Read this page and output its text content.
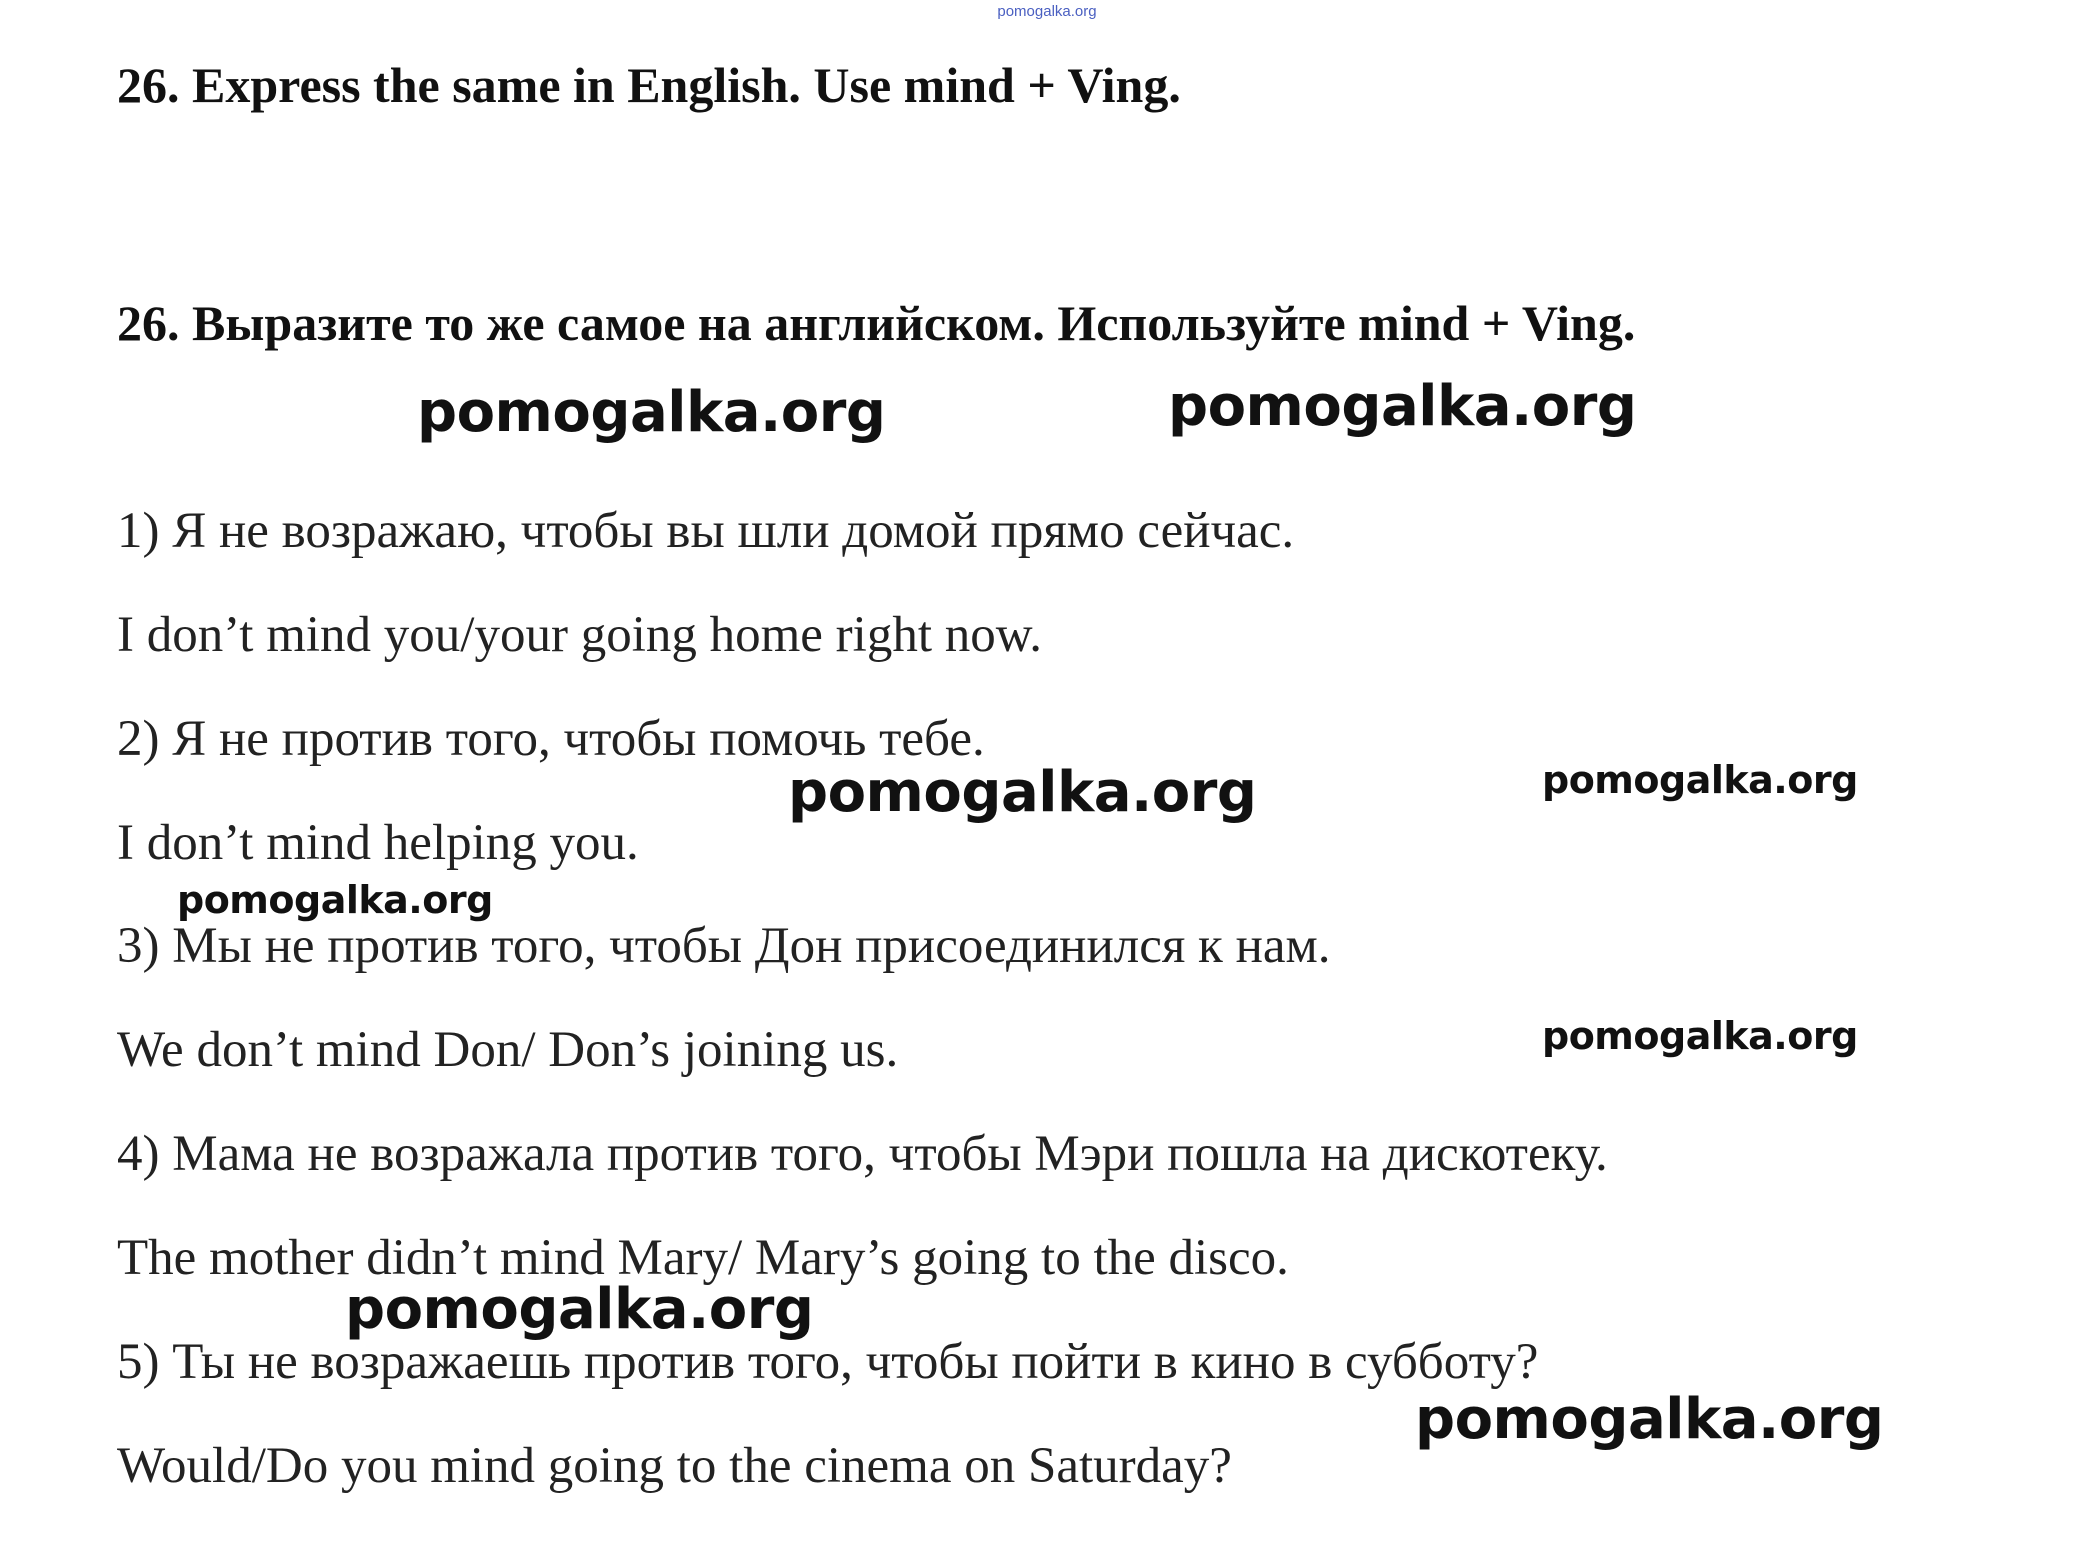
pomogalka.org
26. Express the same in English. Use mind + Ving.
26. Выразите то же самое на английском. Используйте mind + Ving.
1) Я не возражаю, чтобы вы шли домой прямо сейчас.
I don’t mind you/your going home right now.
2) Я не против того, чтобы помочь тебе.
I don’t mind helping you.
3) Мы не против того, чтобы Дон присоединился к нам.
We don’t mind Don/ Don’s joining us.
4) Мама не возражала против того, чтобы Мэри пошла на дискотеку.
The mother didn’t mind Mary/ Mary’s going to the disco.
5) Ты не возражаешь против того, чтобы пойти в кино в субботу?
Would/Do you mind going to the cinema on Saturday?
pomogalka.org	pomogalka.org
pomogalka.org	pomogalka.org
pomogalka.org
pomogalka.org
pomogalka.org
pomogalka.org
